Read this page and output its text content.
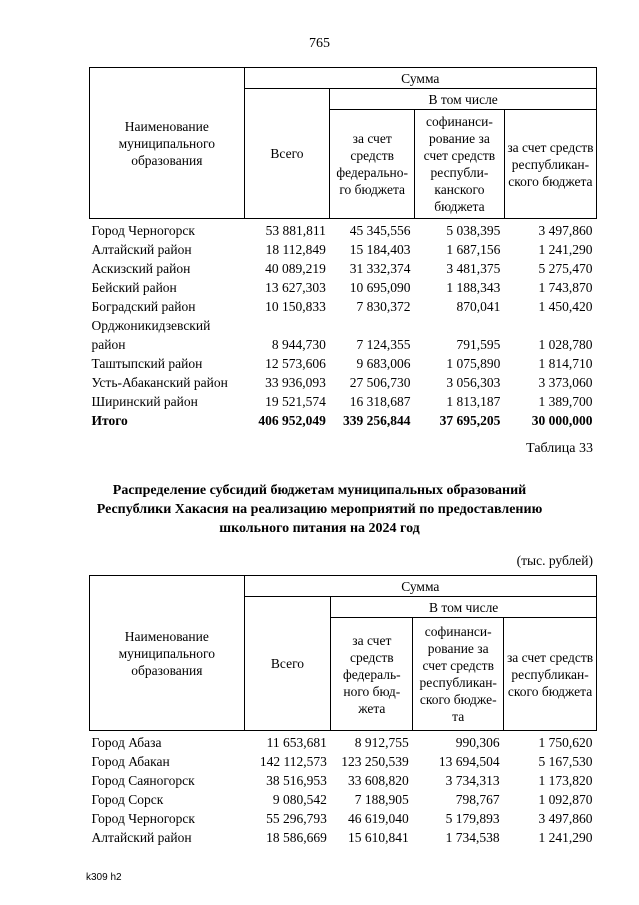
765
Наименование муниципального образования	Сумма			
	Всего	В том числе		
		за счет средств федерально-го бюджета	софинанси-рование за счет средств республи-канского бюджета	за счет средств республикан-ского бюджета
Город Черногорск	53 881,811	45 345,556	5 038,395	3 497,860
Алтайский район	18 112,849	15 184,403	1 687,156	1 241,290
Аскизский район	40 089,219	31 332,374	3 481,375	5 275,470
Бейский район	13 627,303	10 695,090	1 188,343	1 743,870
Боградский район	10 150,833	7 830,372	870,041	1 450,420
Орджоникидзевский район	8 944,730	7 124,355	791,595	1 028,780
Таштыпский район	12 573,606	9 683,006	1 075,890	1 814,710
Усть-Абаканский район	33 936,093	27 506,730	3 056,303	3 373,060
Ширинский район	19 521,574	16 318,687	1 813,187	1 389,700
Итого	406 952,049	339 256,844	37 695,205	30 000,000
Таблица 33
Распределение субсидий бюджетам муниципальных образований Республики Хакасия на реализацию мероприятий по предоставлению школьного питания на 2024 год
(тыс. рублей)
Наименование муниципального образования	Сумма			
	Всего	В том числе		
		за счет средств федераль-ного бюд-жета	софинанси-рование за счет средств республикан-ского бюдже-та	за счет средств республикан-ского бюджета
Город Абаза	11 653,681	8 912,755	990,306	1 750,620
Город Абакан	142 112,573	123 250,539	13 694,504	5 167,530
Город Саяногорск	38 516,953	33 608,820	3 734,313	1 173,820
Город Сорск	9 080,542	7 188,905	798,767	1 092,870
Город Черногорск	55 296,793	46 619,040	5 179,893	3 497,860
Алтайский район	18 586,669	15 610,841	1 734,538	1 241,290
k309 h2
